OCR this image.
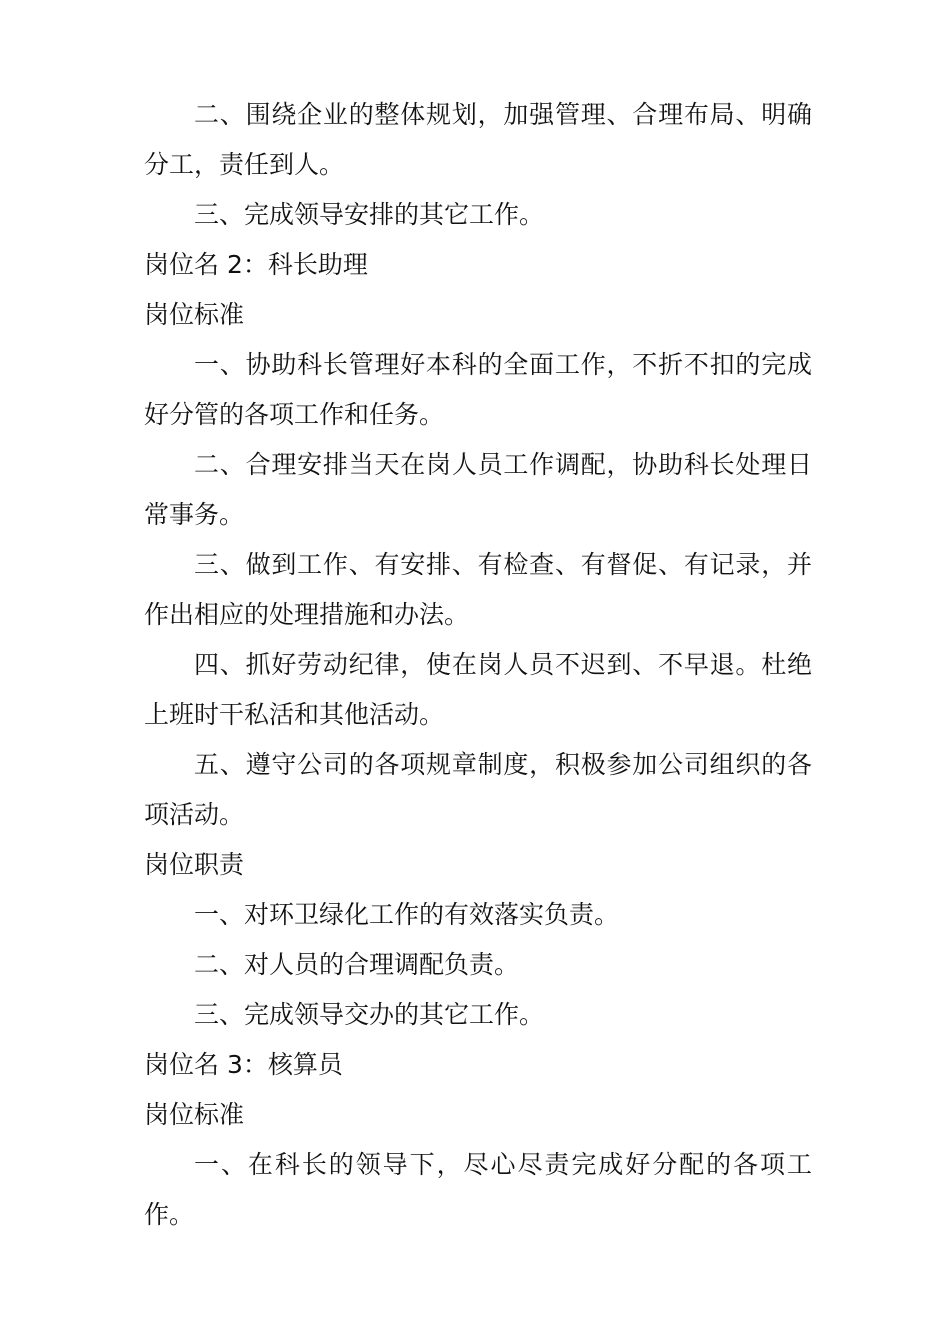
二、围绕企业的整体规划，加强管理、合理布局、明确分工，责任到人。

三、完成领导安排的其它工作。

岗位名 2：科长助理

岗位标准

一、协助科长管理好本科的全面工作，不折不扣的完成好分管的各项工作和任务。

二、合理安排当天在岗人员工作调配，协助科长处理日常事务。

三、做到工作、有安排、有检查、有督促、有记录，并作出相应的处理措施和办法。

四、抓好劳动纪律，使在岗人员不迟到、不早退。杜绝上班时干私活和其他活动。

五、遵守公司的各项规章制度，积极参加公司组织的各项活动。

岗位职责

一、对环卫绿化工作的有效落实负责。

二、对人员的合理调配负责。

三、完成领导交办的其它工作。

岗位名 3：核算员

岗位标准

一、在科长的领导下，尽心尽责完成好分配的各项工作。
